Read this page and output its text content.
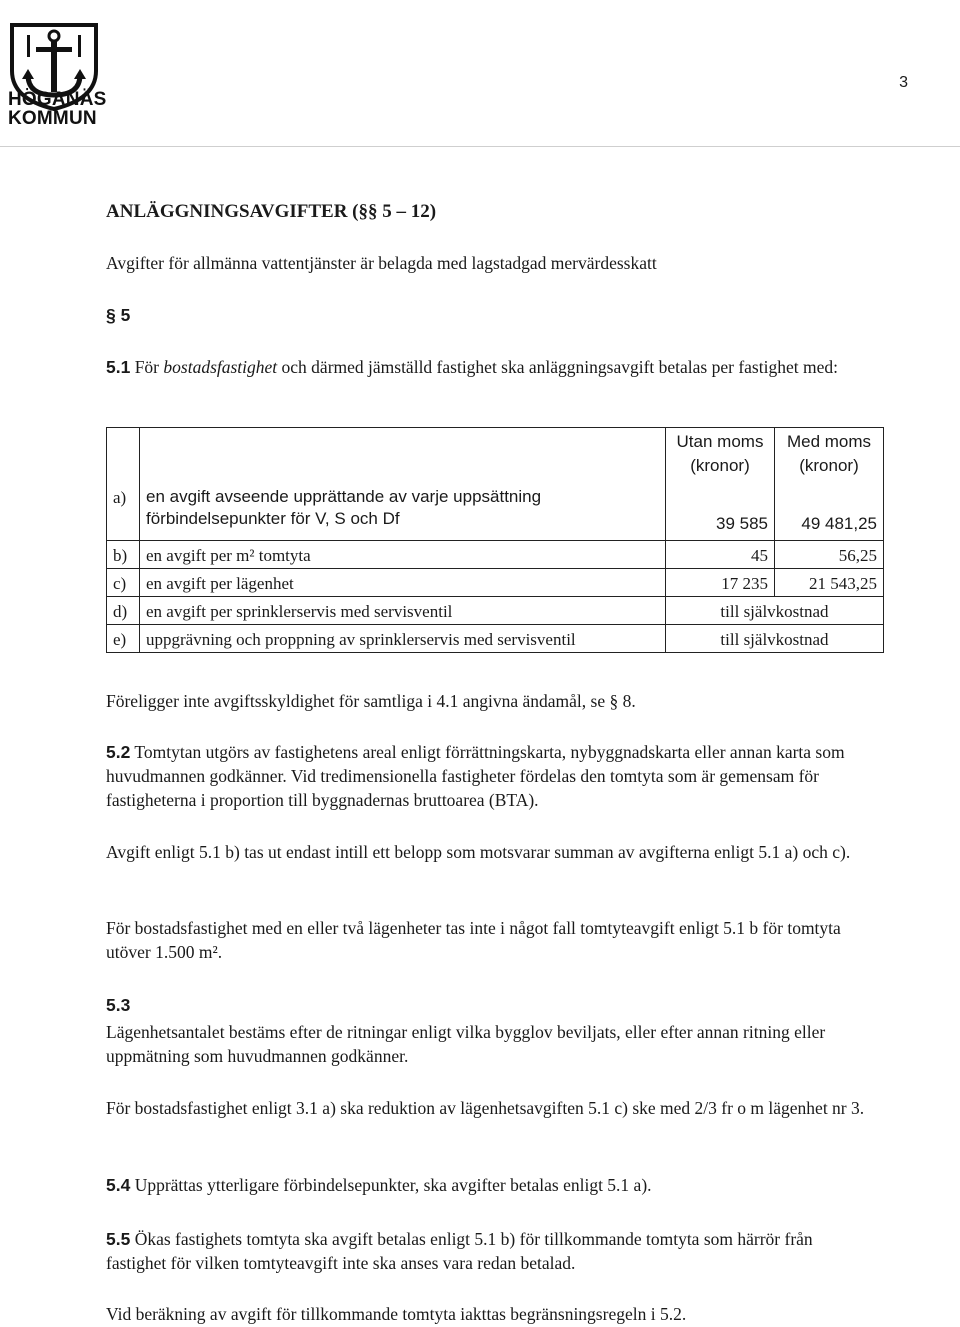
HÖGANÄS
KOMMUN
3
ANLÄGGNINGSAVGIFTER (§§ 5 – 12)
Avgifter för allmänna vattentjänster är belagda med lagstadgad mervärdesskatt
§ 5
5.1 För bostadsfastighet och därmed jämställd fastighet ska anläggningsavgift betalas per fastighet med:
		Utan moms (kronor)	Med moms (kronor)
a)	en avgift avseende upprättande av varje uppsättning förbindelsepunkter för V, S och Df	39 585	49 481,25
b)	en avgift per m² tomtyta	45	56,25
c)	en avgift per lägenhet	17 235	21 543,25
d)	en avgift per sprinklerservis med servisventil	till självkostnad	
e)	uppgrävning och proppning av sprinklerservis med servisventil	till självkostnad	
Föreligger inte avgiftsskyldighet för samtliga i 4.1 angivna ändamål, se § 8.
5.2 Tomtytan utgörs av fastighetens areal enligt förrättningskarta, nybyggnadskarta eller annan karta som huvudmannen godkänner. Vid tredimensionella fastigheter fördelas den tomtyta som är gemensam för fastigheterna i proportion till byggnadernas bruttoarea (BTA).
Avgift enligt 5.1 b) tas ut endast intill ett belopp som motsvarar summan av avgifterna enligt 5.1 a) och c).
För bostadsfastighet med en eller två lägenheter tas inte i något fall tomtyteavgift enligt 5.1 b för tomtyta utöver 1.500 m².
5.3
Lägenhetsantalet bestäms efter de ritningar enligt vilka bygglov beviljats, eller efter annan ritning eller uppmätning som huvudmannen godkänner.
För bostadsfastighet enligt 3.1 a) ska reduktion av lägenhetsavgiften 5.1 c) ske med 2/3 fr o m lägenhet nr 3.
5.4 Upprättas ytterligare förbindelsepunkter, ska avgifter betalas enligt 5.1 a).
5.5 Ökas fastighets tomtyta ska avgift betalas enligt 5.1 b) för tillkommande tomtyta som härrör från fastighet för vilken tomtyteavgift inte ska anses vara redan betalad.
Vid beräkning av avgift för tillkommande tomtyta iakttas begränsningsregeln i 5.2.
